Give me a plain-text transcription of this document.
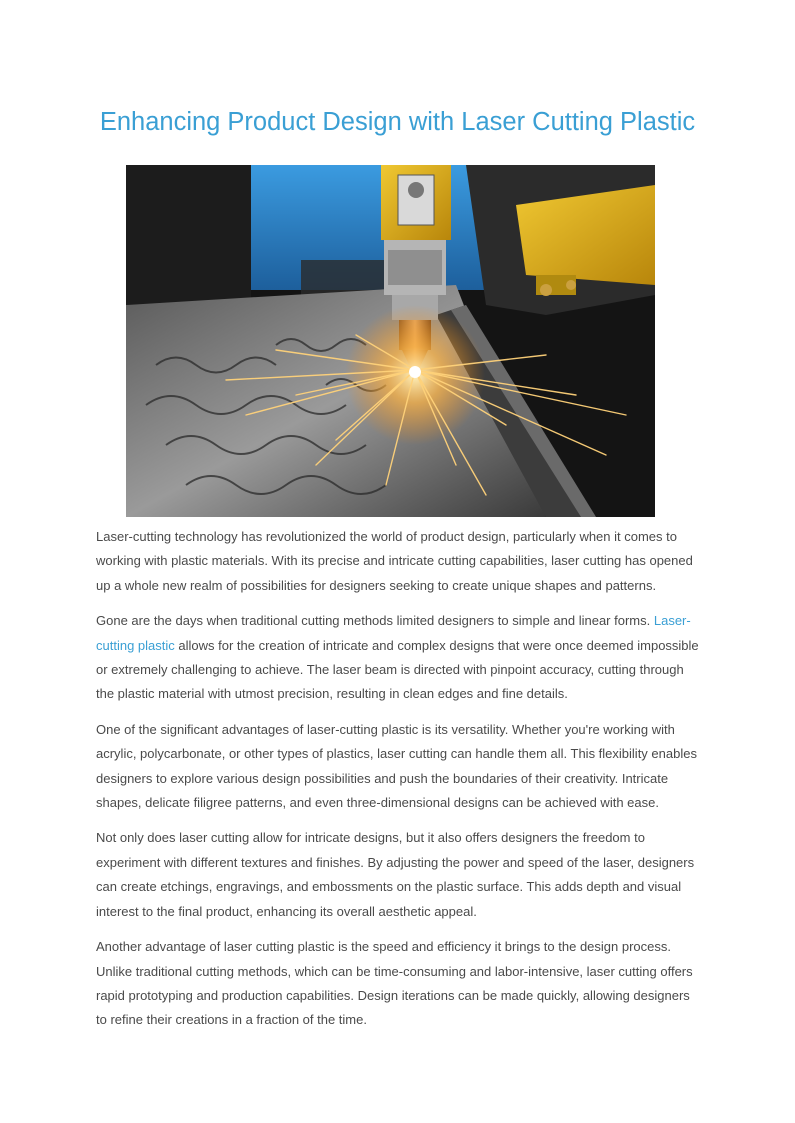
Enhancing Product Design with Laser Cutting Plastic

Laser-cutting technology has revolutionized the world of product design, particularly when it comes to working with plastic materials. With its precise and intricate cutting capabilities, laser cutting has opened up a whole new realm of possibilities for designers seeking to create unique shapes and patterns.

Gone are the days when traditional cutting methods limited designers to simple and linear forms. Laser-cutting plastic allows for the creation of intricate and complex designs that were once deemed impossible or extremely challenging to achieve. The laser beam is directed with pinpoint accuracy, cutting through the plastic material with utmost precision, resulting in clean edges and fine details.

One of the significant advantages of laser-cutting plastic is its versatility. Whether you're working with acrylic, polycarbonate, or other types of plastics, laser cutting can handle them all. This flexibility enables designers to explore various design possibilities and push the boundaries of their creativity. Intricate shapes, delicate filigree patterns, and even three-dimensional designs can be achieved with ease.

Not only does laser cutting allow for intricate designs, but it also offers designers the freedom to experiment with different textures and finishes. By adjusting the power and speed of the laser, designers can create etchings, engravings, and embossments on the plastic surface. This adds depth and visual interest to the final product, enhancing its overall aesthetic appeal.

Another advantage of laser cutting plastic is the speed and efficiency it brings to the design process. Unlike traditional cutting methods, which can be time-consuming and labor-intensive, laser cutting offers rapid prototyping and production capabilities. Design iterations can be made quickly, allowing designers to refine their creations in a fraction of the time.
